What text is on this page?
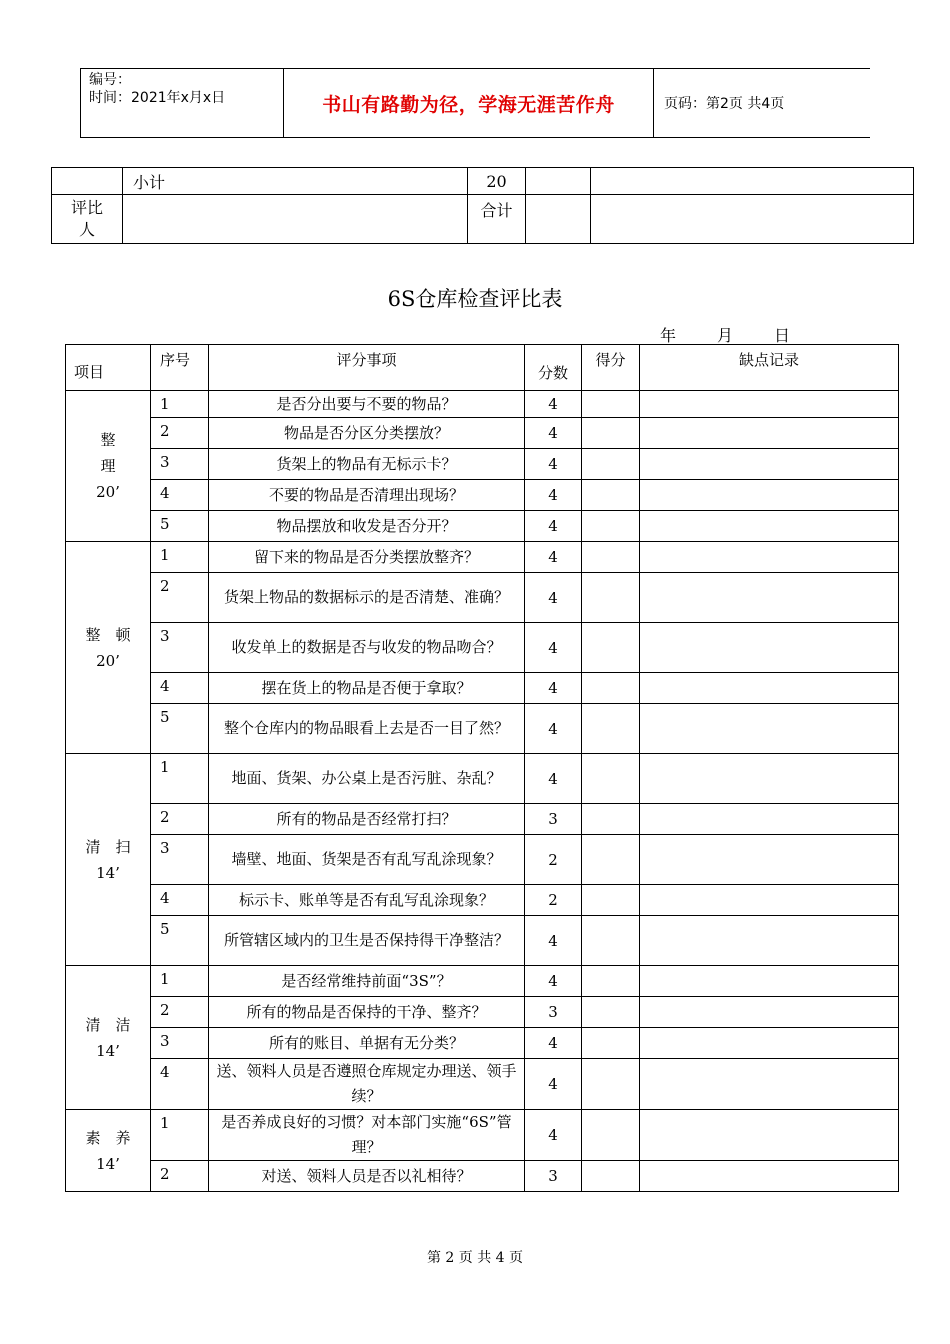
编号：
时间：2021年x月x日	书山有路勤为径，学海无涯苦作舟	页码：第2页 共4页
	小计	20		
评比人		合计		
6S仓库检查评比表
年	月	日
项目	序号	评分事项	分数	得分	缺点记录

整
理
20’	1	是否分出要与不要的物品？	4		
	2	物品是否分区分类摆放？	4		
	3	货架上的物品有无标示卡？	4		
	4	不要的物品是否清理出现场？	4		
	5	物品摆放和收发是否分开？	4		

整　顿
20’	1	留下来的物品是否分类摆放整齐？	4		
	2	货架上物品的数据标示的是否清楚、准确？	4		
	3	收发单上的数据是否与收发的物品吻合？	4		
	4	摆在货上的物品是否便于拿取？	4		
	5	整个仓库内的物品眼看上去是否一目了然？	4		

清　扫
14’	1	地面、货架、办公桌上是否污脏、杂乱？	4		
	2	所有的物品是否经常打扫？	3		
	3	墙壁、地面、货架是否有乱写乱涂现象？	2		
	4	标示卡、账单等是否有乱写乱涂现象？	2		
	5	所管辖区域内的卫生是否保持得干净整洁？	4		

清　洁
14’	1	是否经常维持前面“3S”？	4		
	2	所有的物品是否保持的干净、整齐？	3		
	3	所有的账目、单据有无分类？	4		
	4	送、领料人员是否遵照仓库规定办理送、领手续？	4		

素　养
14’	1	是否养成良好的习惯？对本部门实施“6S”管理？	4		
	2	对送、领料人员是否以礼相待？	3		
第 2 页 共 4 页
